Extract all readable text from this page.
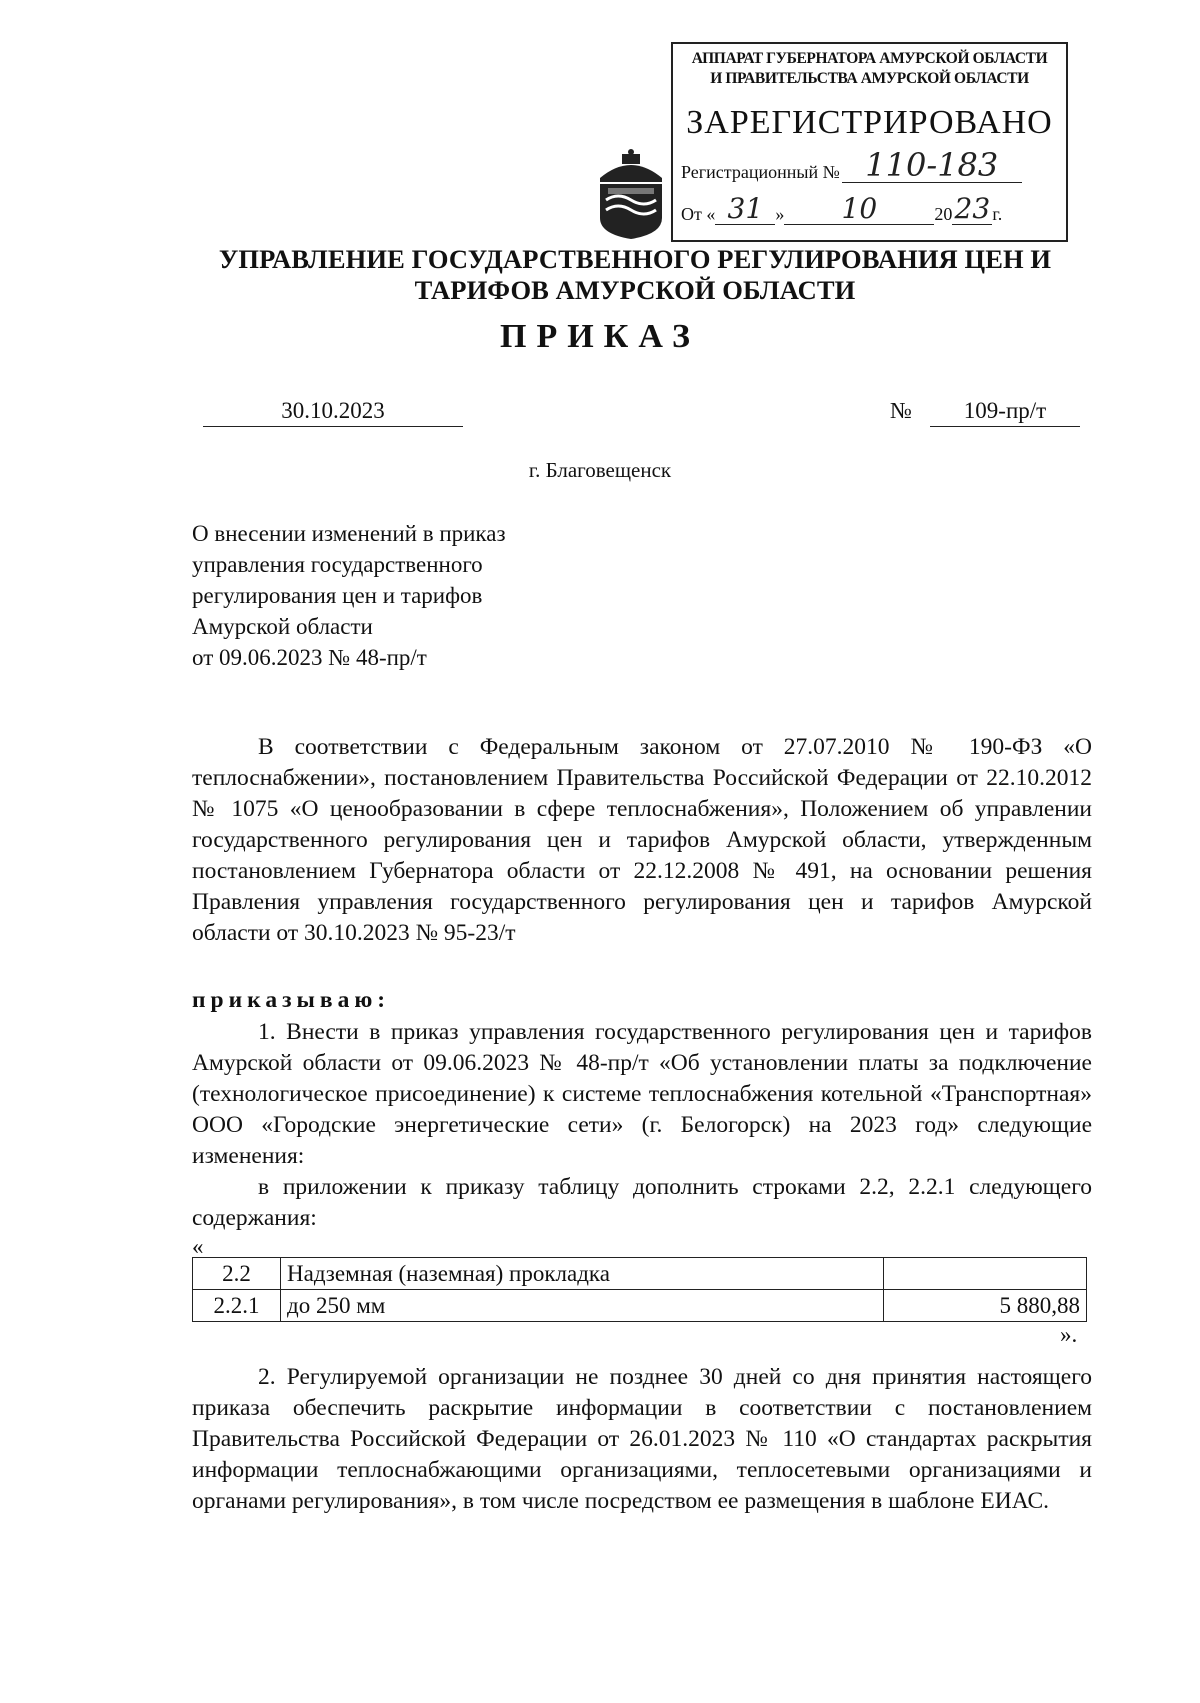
АППАРАТ ГУБЕРНАТОРА АМУРСКОЙ ОБЛАСТИ
И ПРАВИТЕЛЬСТВА АМУРСКОЙ ОБЛАСТИ
ЗАРЕГИСТРИРОВАНО
Регистрационный № 110-183
От « 31 »	10	20 23 г.
УПРАВЛЕНИЕ ГОСУДАРСТВЕННОГО РЕГУЛИРОВАНИЯ ЦЕН И
ТАРИФОВ АМУРСКОЙ ОБЛАСТИ
ПРИКАЗ
30.10.2023	№	109-пр/т
г. Благовещенск
О внесении изменений в приказ
управления государственного
регулирования цен и тарифов
Амурской области
от 09.06.2023 № 48-пр/т
В соответствии с Федеральным законом от 27.07.2010 № 190-ФЗ «О теплоснабжении», постановлением Правительства Российской Федерации от 22.10.2012 № 1075 «О ценообразовании в сфере теплоснабжения», Положением об управлении государственного регулирования цен и тарифов Амурской области, утвержденным постановлением Губернатора области от 22.12.2008 № 491, на основании решения Правления управления государственного регулирования цен и тарифов Амурской области от 30.10.2023 № 95-23/т
приказываю:
1. Внести в приказ управления государственного регулирования цен и тарифов Амурской области от 09.06.2023 № 48-пр/т «Об установлении платы за подключение (технологическое присоединение) к системе теплоснабжения котельной «Транспортная» ООО «Городские энергетические сети» (г. Белогорск) на 2023 год» следующие изменения:
в приложении к приказу таблицу дополнить строками 2.2, 2.2.1 следующего содержания:
«
2.2	Надземная (наземная) прокладка	
2.2.1	до 250 мм	5 880,88
».
2. Регулируемой организации не позднее 30 дней со дня принятия настоящего приказа обеспечить раскрытие информации в соответствии с постановлением Правительства Российской Федерации от 26.01.2023 № 110 «О стандартах раскрытия информации теплоснабжающими организациями, теплосетевыми организациями и органами регулирования», в том числе посредством ее размещения в шаблоне ЕИАС.
